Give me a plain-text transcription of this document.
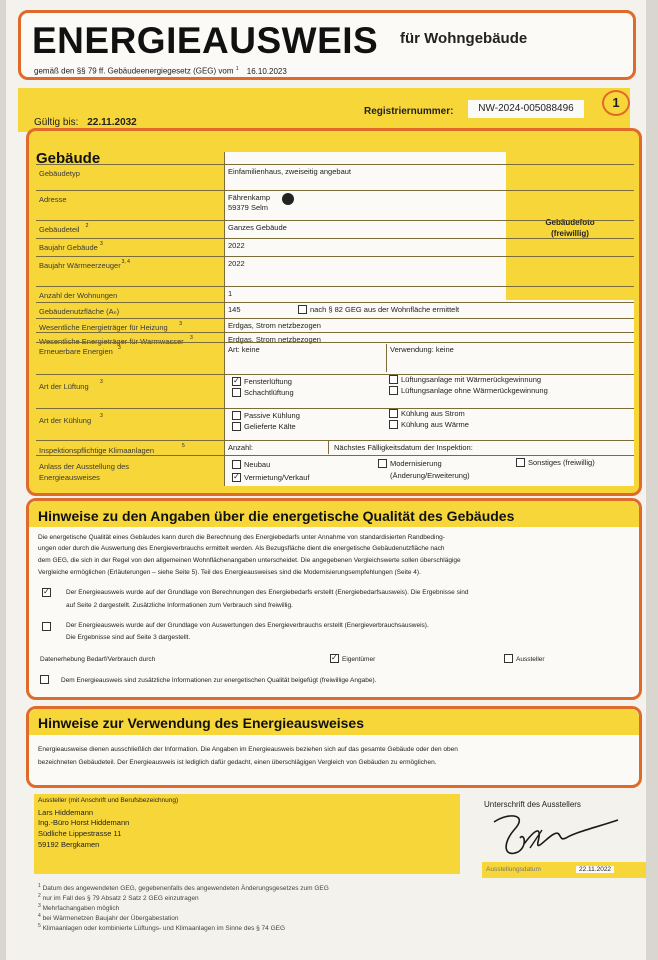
ENERGIEAUSWEIS für Wohngebäude
gemäß den §§ 79 ff. Gebäudeenergiegesetz (GEG) vom $^1$ 16.10.2023
Gültig bis: 22.11.2032
Registriernummer:	NW-2024-005088496	1
Gebäude
Gebäudefoto
(freiwillig)
Hinweise zu den Angaben über die energetische Qualität des Gebäudes
Die energetische Qualität eines Gebäudes kann durch die Berechnung des Energiebedarfs unter Annahme von standardisierten Randbeding-
ungen oder durch die Auswertung des Energieverbrauchs ermittelt werden. Als Bezugsfläche dient die energetische Gebäudenutzfläche nach
dem GEG, die sich in der Regel von den allgemeinen Wohnflächenangaben unterscheidet. Die angegebenen Vergleichswerte sollen überschlägige
Vergleiche ermöglichen (Erläuterungen – siehe Seite 5). Teil des Energieausweises sind die Modernisierungsempfehlungen (Seite 4).
✓
Der Energieausweis wurde auf der Grundlage von Berechnungen des Energiebedarfs erstellt (Energiebedarfsausweis). Die Ergebnisse sind
auf Seite 2 dargestellt. Zusätzliche Informationen zum Verbrauch sind freiwillig.
Der Energieausweis wurde auf der Grundlage von Auswertungen des Energieverbrauchs erstellt (Energieverbrauchsausweis).
Die Ergebnisse sind auf Seite 3 dargestellt.
Datenerhebung Bedarf/Verbrauch durch ✓	Eigentümer	Aussteller
Dem Energieausweis sind zusätzliche Informationen zur energetischen Qualität beigefügt (freiwillige Angabe).
Hinweise zur Verwendung des Energieausweises
Energieausweise dienen ausschließlich der Information. Die Angaben im Energieausweis beziehen sich auf das gesamte Gebäude oder den oben
bezeichneten Gebäudeteil. Der Energieausweis ist lediglich dafür gedacht, einen überschlägigen Vergleich von Gebäuden zu ermöglichen.
Aussteller (mit Anschrift und Berufsbezeichnung)
Lars Hiddemann
Ing.-Büro Horst Hiddemann
Südliche Lippestrasse 11
59192 Bergkamen
Unterschrift des Ausstellers
Ausstellungsdatum	22.11.2022
Gebäudetyp	Einfamilienhaus, zweiseitig angebaut
Adresse	Fährenkamp
59379 Selm
Gebäudeteil 2	Ganzes Gebäude
Baujahr Gebäude 3	2022
Baujahr Wärmeerzeuger 3, 4	2022
Anzahl der Wohnungen	1
Gebäudenutzfläche (Aₙ)	145	nach § 82 GEG aus der Wohnfläche ermittelt
Wesentliche Energieträger für Heizung 3	Erdgas, Strom netzbezogen
Wesentliche Energieträger für Warmwasser 3	Erdgas, Strom netzbezogen
Erneuerbare Energien 3	Art: keine	Verwendung: keine
Art der Lüftung 3 ✓	Fensterlüftung
Schachtlüftung
Lüftungsanlage mit Wärmerückgewinnung
Lüftungsanlage ohne Wärmerückgewinnung
Art der Kühlung 3	Passive Kühlung
Gelieferte Kälte
Kühlung aus Strom
Kühlung aus Wärme
Inspektionspflichtige Klimaanlagen	5	Anzahl:	Nächstes Fälligkeitsdatum der Inspektion:
Anlass der Ausstellung des Energieausweises
Neubau
✓Vermietung/Verkauf
Modernisierung
(Änderung/Erweiterung)
Sonstiges (freiwillig)
$^1$ Datum des angewendeten GEG, gegebenenfalls des angewendeten Änderungsgesetzes zum GEG
$^2$ nur im Fall des § 79 Absatz 2 Satz 2 GEG einzutragen
$^3$ Mehrfachangaben möglich
$^4$ bei Wärmenetzen Baujahr der Übergabestation
$^5$ Klimaanlagen oder kombinierte Lüftungs- und Klimaanlagen im Sinne des § 74 GEG
